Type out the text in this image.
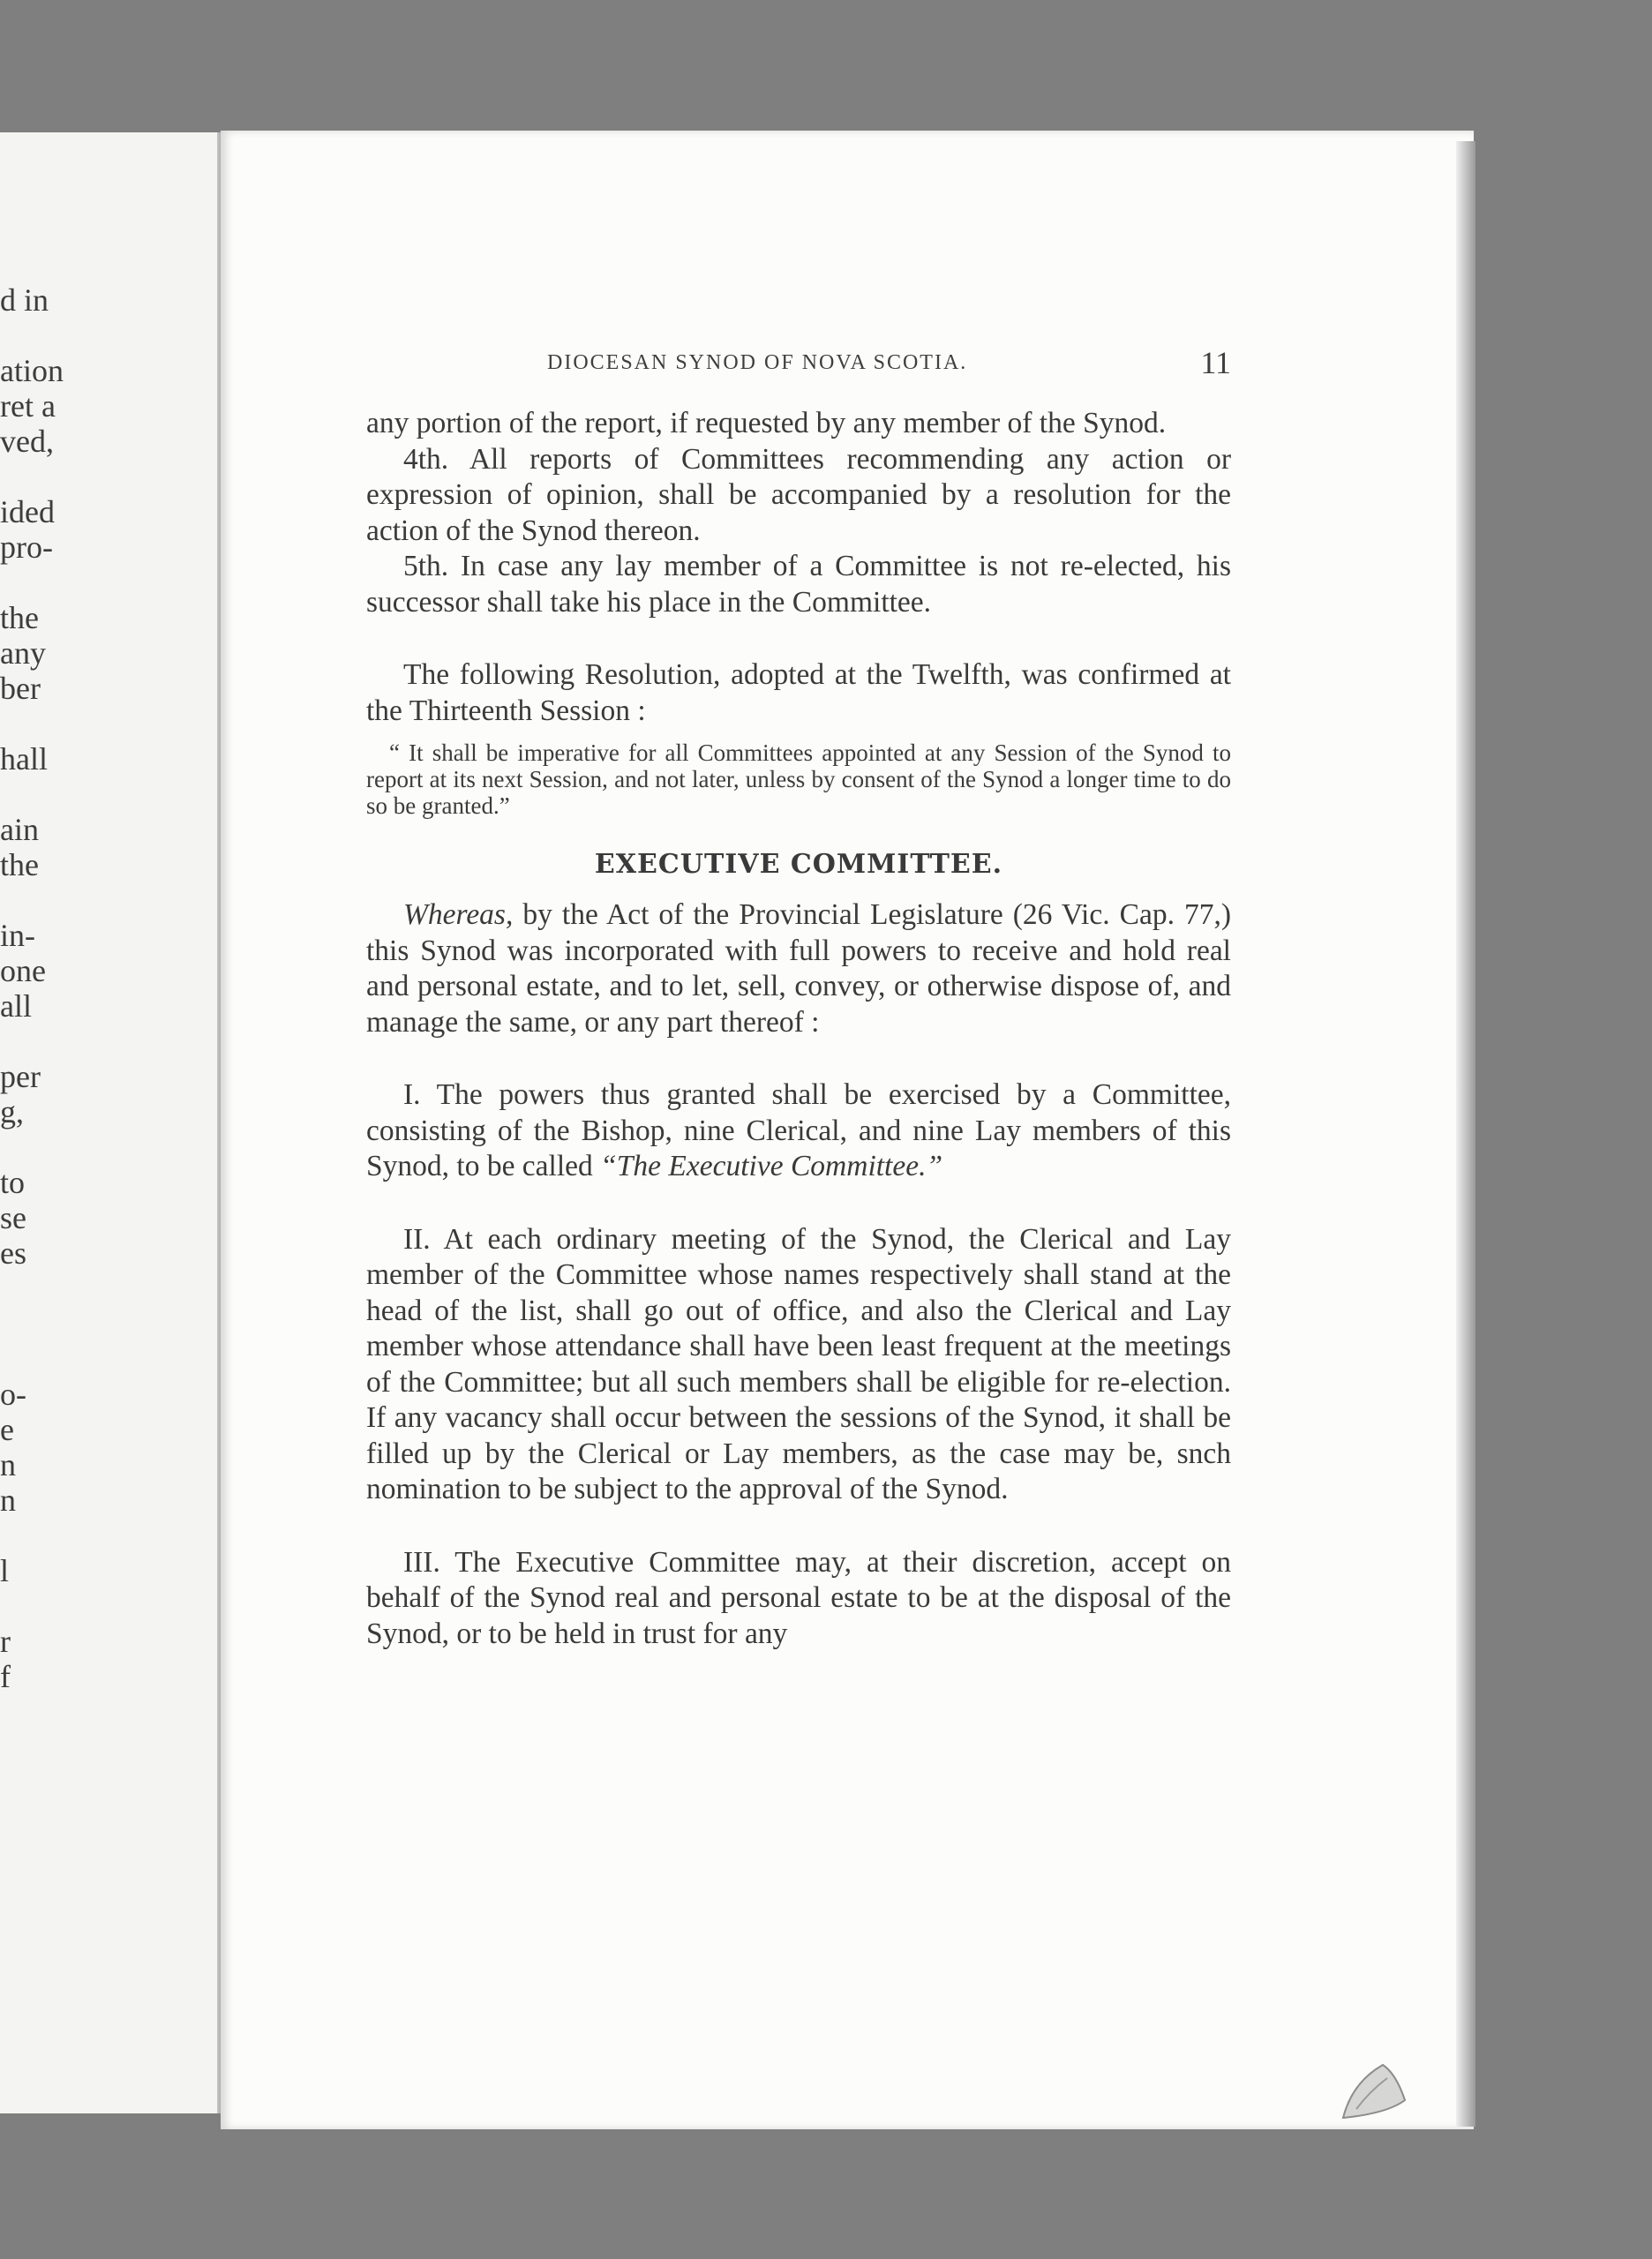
d in
ation
ret a
ved,
ided
pro-
the
any
ber
hall
ain
the
in-
one
all
per
g,
to
se
es
o-
e
n
n
l
r
f
DIOCESAN SYNOD OF NOVA SCOTIA.	11

any portion of the report, if requested by any member of the Synod.

4th. All reports of Committees recommending any action or expression of opinion, shall be accompanied by a resolution for the action of the Synod thereon.

5th. In case any lay member of a Committee is not re-elected, his successor shall take his place in the Committee.

The following Resolution, adopted at the Twelfth, was confirmed at the Thirteenth Session :

“ It shall be imperative for all Committees appointed at any Session of the Synod to report at its next Session, and not later, unless by consent of the Synod a longer time to do so be granted.”

EXECUTIVE COMMITTEE.

Whereas, by the Act of the Provincial Legislature (26 Vic. Cap. 77,) this Synod was incorporated with full powers to receive and hold real and personal estate, and to let, sell, convey, or otherwise dispose of, and manage the same, or any part thereof :

I. The powers thus granted shall be exercised by a Committee, consisting of the Bishop, nine Clerical, and nine Lay members of this Synod, to be called “The Executive Committee.”

II. At each ordinary meeting of the Synod, the Clerical and Lay member of the Committee whose names respectively shall stand at the head of the list, shall go out of office, and also the Clerical and Lay member whose attendance shall have been least frequent at the meetings of the Committee; but all such members shall be eligible for re-election. If any vacancy shall occur between the sessions of the Synod, it shall be filled up by the Clerical or Lay members, as the case may be, snch nomination to be subject to the approval of the Synod.

III. The Executive Committee may, at their discretion, accept on behalf of the Synod real and personal estate to be at the disposal of the Synod, or to be held in trust for any
